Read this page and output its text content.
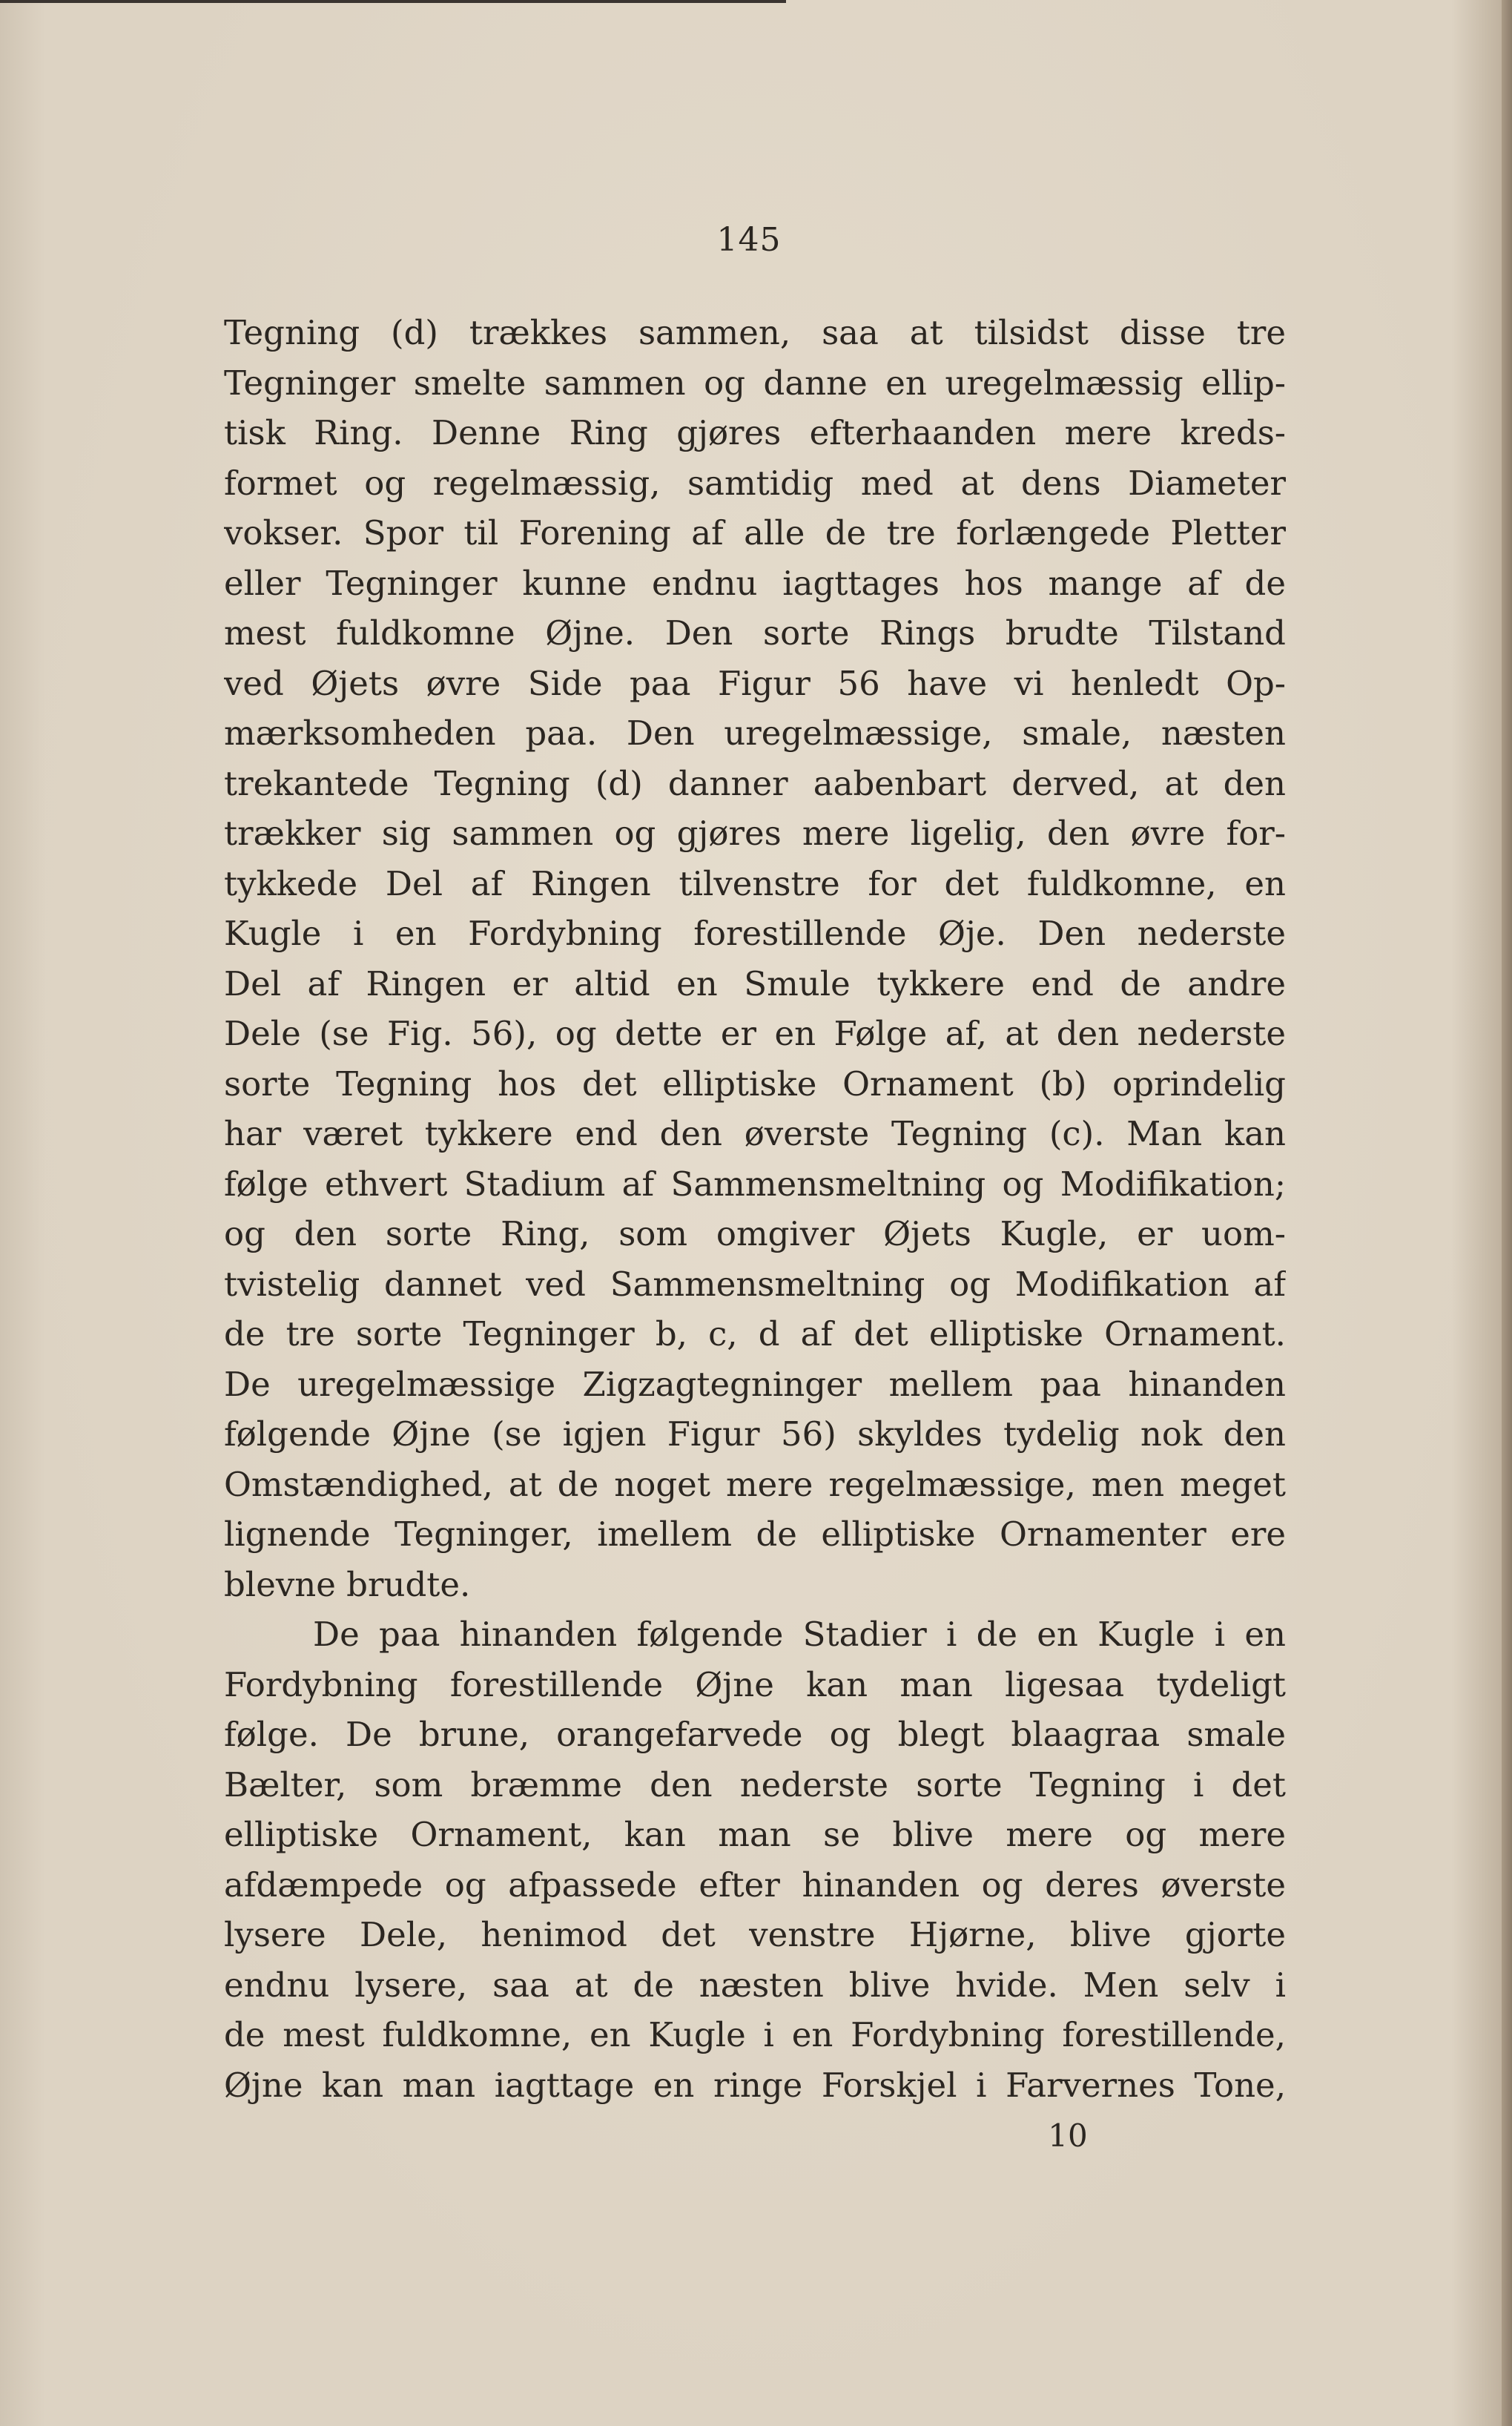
145
Tegning (d) trækkes sammen, saa at tilsidst disse tre
Tegninger smelte sammen og danne en uregelmæssig ellip-
tisk Ring. Denne Ring gjøres efterhaanden mere kreds-
formet og regelmæssig, samtidig med at dens Diameter
vokser. Spor til Forening af alle de tre forlængede Pletter
eller Tegninger kunne endnu iagttages hos mange af de
mest fuldkomne Øjne. Den sorte Rings brudte Tilstand
ved Øjets øvre Side paa Figur 56 have vi henledt Op-
mærksomheden paa. Den uregelmæssige, smale, næsten
trekantede Tegning (d) danner aabenbart derved, at den
trækker sig sammen og gjøres mere ligelig, den øvre for-
tykkede Del af Ringen tilvenstre for det fuldkomne, en
Kugle i en Fordybning forestillende Øje. Den nederste
Del af Ringen er altid en Smule tykkere end de andre
Dele (se Fig. 56), og dette er en Følge af, at den nederste
sorte Tegning hos det elliptiske Ornament (b) oprindelig
har været tykkere end den øverste Tegning (c). Man kan
følge ethvert Stadium af Sammensmeltning og Modifikation;
og den sorte Ring, som omgiver Øjets Kugle, er uom-
tvistelig dannet ved Sammensmeltning og Modifikation af
de tre sorte Tegninger b, c, d af det elliptiske Ornament.
De uregelmæssige Zigzagtegninger mellem paa hinanden
følgende Øjne (se igjen Figur 56) skyldes tydelig nok den
Omstændighed, at de noget mere regelmæssige, men meget
lignende Tegninger, imellem de elliptiske Ornamenter ere
blevne brudte.
De paa hinanden følgende Stadier i de en Kugle i en
Fordybning forestillende Øjne kan man ligesaa tydeligt
følge. De brune, orangefarvede og blegt blaagraa smale
Bælter, som bræmme den nederste sorte Tegning i det
elliptiske Ornament, kan man se blive mere og mere
afdæmpede og afpassede efter hinanden og deres øverste
lysere Dele, henimod det venstre Hjørne, blive gjorte
endnu lysere, saa at de næsten blive hvide. Men selv i
de mest fuldkomne, en Kugle i en Fordybning forestillende,
Øjne kan man iagttage en ringe Forskjel i Farvernes Tone,
10
